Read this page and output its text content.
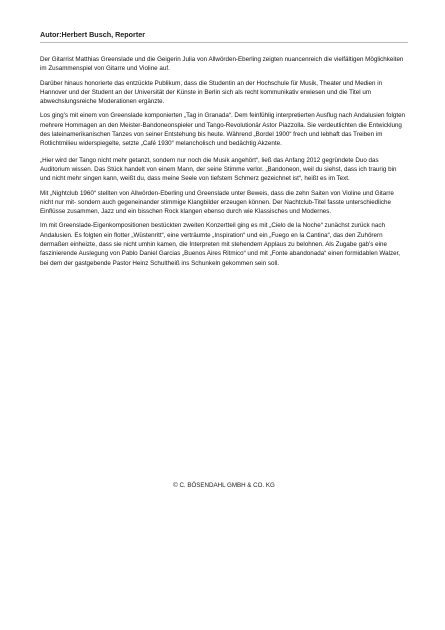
Autor:Herbert Busch, Reporter

Der Gitarrist Matthias Greenslade und die Geigerin Julia von Allwörden-Eberling zeigten nuancenreich die vielfältigen Möglichkeiten im Zusammenspiel von Gitarre und Violine auf.

Darüber hinaus honorierte das entzückte Publikum, dass die Studentin an der Hochschule für Musik, Theater und Medien in Hannover und der Student an der Universität der Künste in Berlin sich als recht kommunikativ erwiesen und die Titel um abwechslungsreiche Moderationen ergänzte.

Los ging’s mit einem von Greenslade komponierten „Tag in Granada“. Dem feinfühlig interpretierten Ausflug nach Andalusien folgten mehrere Hommagen an den Meister-Bandoneonspieler und Tango-Revolutionär Astor Piazzolla. Sie verdeutlichten die Entwicklung des lateinamerikanischen Tanzes von seiner Entstehung bis heute. Während „Bordel 1900“ frech und lebhaft das Treiben im Rotlichtmilieu widerspiegelte, setzte „Café 1930“ melancholisch und bedächtig Akzente.

„Hier wird der Tango nicht mehr getanzt, sondern nur noch die Musik angehört“, ließ das Anfang 2012 gegründete Duo das Auditorium wissen. Das Stück handelt von einem Mann, der seine Stimme verlor. „Bandoneon, weil du siehst, dass ich traurig bin und nicht mehr singen kann, weißt du, dass meine Seele von tiefstem Schmerz gezeichnet ist“, heißt es im Text.

Mit „Nightclub 1960“ stellten von Allwörden-Eberling und Greenslade unter Beweis, dass die zehn Saiten von Violine und Gitarre nicht nur mit- sondern auch gegeneinander stimmige Klangbilder erzeugen können. Der Nachtclub-Titel fasste unterschiedliche Einflüsse zusammen, Jazz und ein bisschen Rock klangen ebenso durch wie Klassisches und Modernes.

Im mit Greenslade-Eigenkompositionen bestückten zweiten Konzertteil ging es mit „Cielo de la Noche“ zunächst zurück nach Andalusien. Es folgten ein flotter „Wüstenritt“, eine verträumte „Inspiration“ und ein „Fuego en la Cantina“, das den Zuhörern dermaßen einheizte, dass sie nicht umhin kamen, die Interpreten mit stehendem Applaus zu belohnen. Als Zugabe gab’s eine faszinierende Auslegung von Pablo Daniel Garcias „Buenos Aires Ritmico“ und mit „Fonte abandonada“ einen formidablen Walzer, bei dem der gastgebende Pastor Heinz Schultheiß ins Schunkeln gekommen sein soll.

© C. BÖSENDAHL GMBH & CO. KG
